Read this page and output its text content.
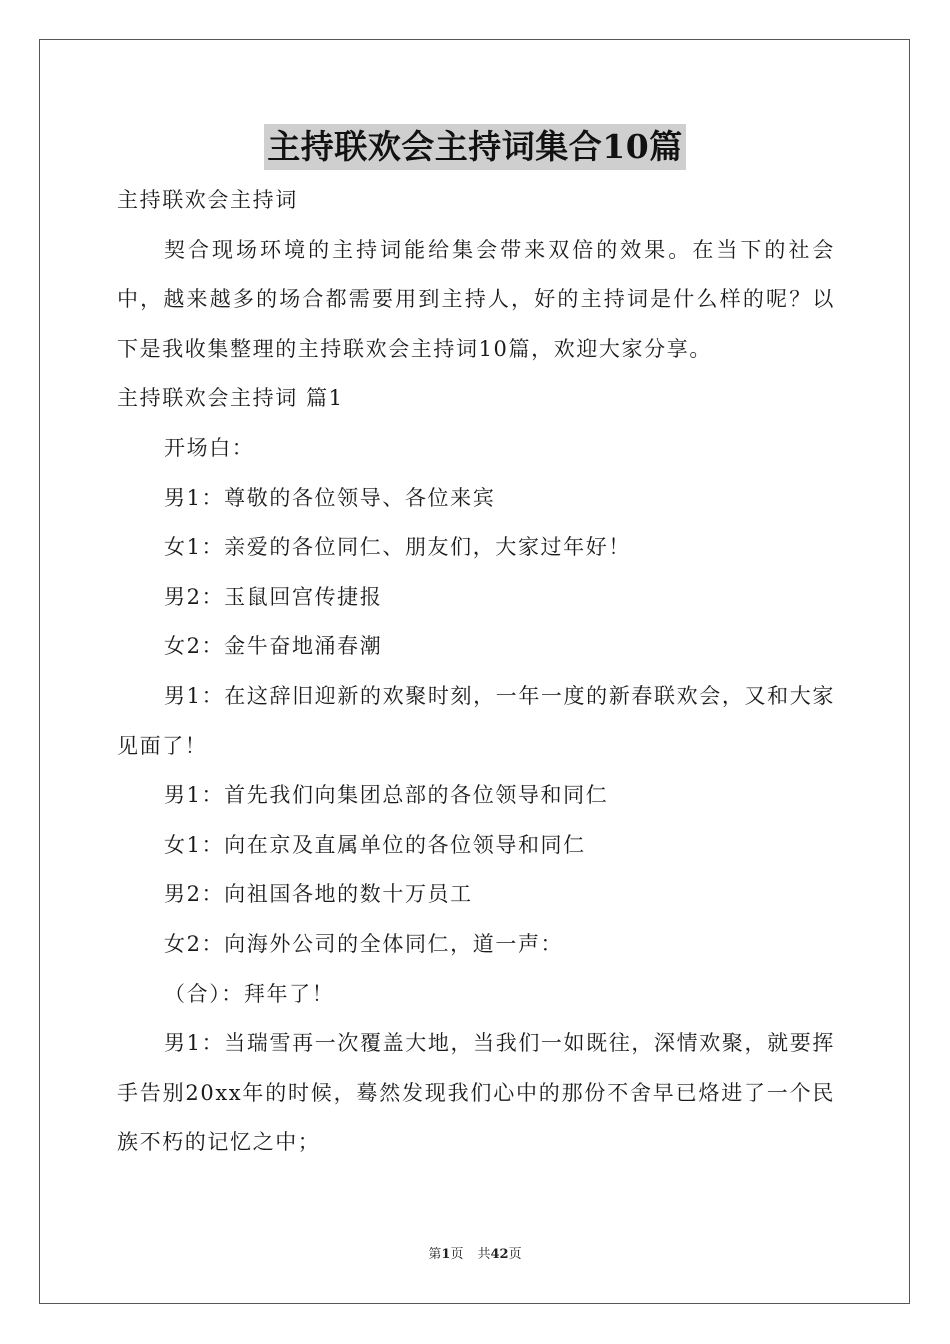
主持联欢会主持词集合10篇

主持联欢会主持词

契合现场环境的主持词能给集会带来双倍的效果。在当下的社会中，越来越多的场合都需要用到主持人，好的主持词是什么样的呢？以下是我收集整理的主持联欢会主持词10篇，欢迎大家分享。

主持联欢会主持词 篇1

开场白：

男1：尊敬的各位领导、各位来宾

女1：亲爱的各位同仁、朋友们，大家过年好！

男2：玉鼠回宫传捷报

女2：金牛奋地涌春潮

男1：在这辞旧迎新的欢聚时刻，一年一度的新春联欢会，又和大家见面了！

男1：首先我们向集团总部的各位领导和同仁

女1：向在京及直属单位的各位领导和同仁

男2：向祖国各地的数十万员工

女2：向海外公司的全体同仁，道一声：

（合）：拜年了！

男1：当瑞雪再一次覆盖大地，当我们一如既往，深情欢聚，就要挥手告别20xx年的时候，蓦然发现我们心中的那份不舍早已烙进了一个民族不朽的记忆之中；

第1页 共42页
